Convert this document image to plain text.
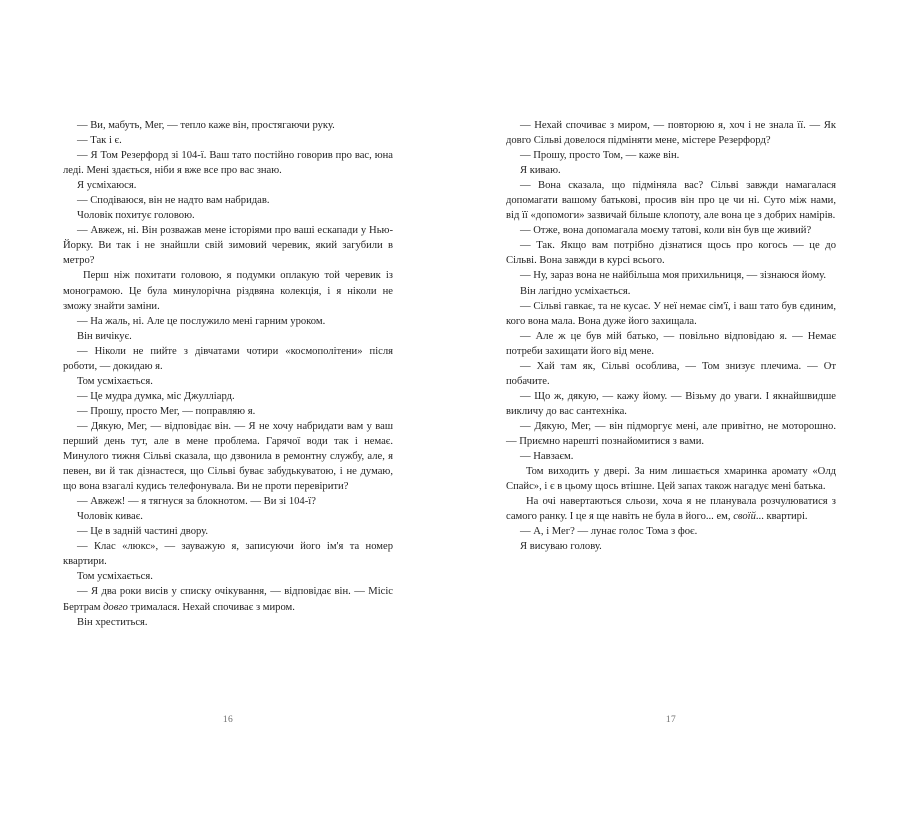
— Ви, мабуть, Мег, — тепло каже він, простягаючи руку.

— Так і є.

— Я Том Резерфорд зі 104-ї. Ваш тато постійно говорив про вас, юна леді. Мені здається, ніби я вже все про вас знаю.

Я усміхаюся.

— Сподіваюся, він не надто вам набридав.

Чоловік похитує головою.

— Авжеж, ні. Він розважав мене історіями про ваші ескапади у Нью-Йорку. Ви так і не знайшли свій зимовий черевик, який загубили в метро?

Перш ніж похитати головою, я подумки оплакую той черевик із монограмою. Це була минулорічна різдвяна колекція, і я ніколи не зможу знайти заміни.

— На жаль, ні. Але це послужило мені гарним уроком.

Він вичікує.

— Ніколи не пийте з дівчатами чотири «космополітени» після роботи, — докидаю я.

Том усміхається.

— Це мудра думка, міс Джулліард.

— Прошу, просто Мег, — поправляю я.

— Дякую, Мег, — відповідає він. — Я не хочу набридати вам у ваш перший день тут, але в мене проблема. Гарячої води так і немає. Минулого тижня Сільві сказала, що дзвонила в ремонтну службу, але, я певен, ви й так дізнастеся, що Сільві буває забудькуватою, і не думаю, що вона взагалі кудись телефонувала. Ви не проти перевірити?

— Авжеж! — я тягнуся за блокнотом. — Ви зі 104-ї?

Чоловік киває.

— Це в задній частині двору.

— Клас «люкс», — зауважую я, записуючи його ім'я та номер квартири.

Том усміхається.

— Я два роки висів у списку очікування, — відповідає він. — Місіс Бертрам довго трималася. Нехай спочиває з миром.

Він хреститься.

16

— Нехай спочиває з миром, — повторюю я, хоч і не знала її. — Як довго Сільві довелося підміняти мене, містере Резерфорд?

— Прошу, просто Том, — каже він.

Я киваю.

— Вона сказала, що підміняла вас? Сільві завжди намагалася допомагати вашому батькові, просив він про це чи ні. Суто між нами, від її «допомоги» зазвичай більше клопоту, але вона це з добрих намірів.

— Отже, вона допомагала моєму татові, коли він був ще живий?

— Так. Якщо вам потрібно дізнатися щось про когось — це до Сільві. Вона завжди в курсі всього.

— Ну, зараз вона не найбільша моя прихильниця, — зізнаюся йому.

Він лагідно усміхається.

— Сільві гавкає, та не кусає. У неї немає сім'ї, і ваш тато був єдиним, кого вона мала. Вона дуже його захищала.

— Але ж це був мій батько, — повільно відповідаю я. — Немає потреби захищати його від мене.

— Хай там як, Сільві особлива, — Том знизує плечима. — От побачите.

— Що ж, дякую, — кажу йому. — Візьму до уваги. І якнайшвидше викличу до вас сантехніка.

— Дякую, Мег, — він підморгує мені, але привітно, не моторошно. — Приємно нарешті познайомитися з вами.

— Навзаєм.

Том виходить у двері. За ним лишається хмаринка аромату «Олд Спайс», і є в цьому щось втішне. Цей запах також нагадує мені батька.

На очі навертаються сльози, хоча я не планувала розчулюватися з самого ранку. І це я ще навіть не була в його... ем, своїй... квартирі.

— А, і Мег? — лунає голос Тома з фоє.

Я висуваю голову.

17
